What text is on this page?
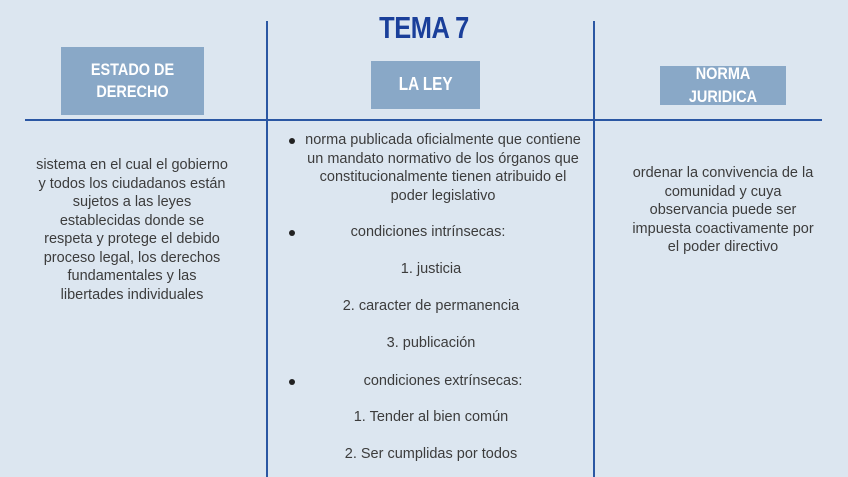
TEMA 7
ESTADO DE DERECHO	LA LEY
NORMA JURIDICA
sistema en el cual el gobierno y todos los ciudadanos están sujetos a las leyes establecidas donde se respeta y protege el debido proceso legal, los derechos fundamentales y las libertades individuales
norma publicada oficialmente que contiene un mandato normativo de los órganos que constitucionalmente tienen atribuido el poder legislativo
condiciones intrínsecas:
1. justicia
2. caracter de permanencia
3. publicación
condiciones extrínsecas:
1. Tender al bien común
2. Ser cumplidas por todos
ordenar la convivencia de la comunidad y cuya observancia puede ser impuesta coactivamente por el poder directivo
